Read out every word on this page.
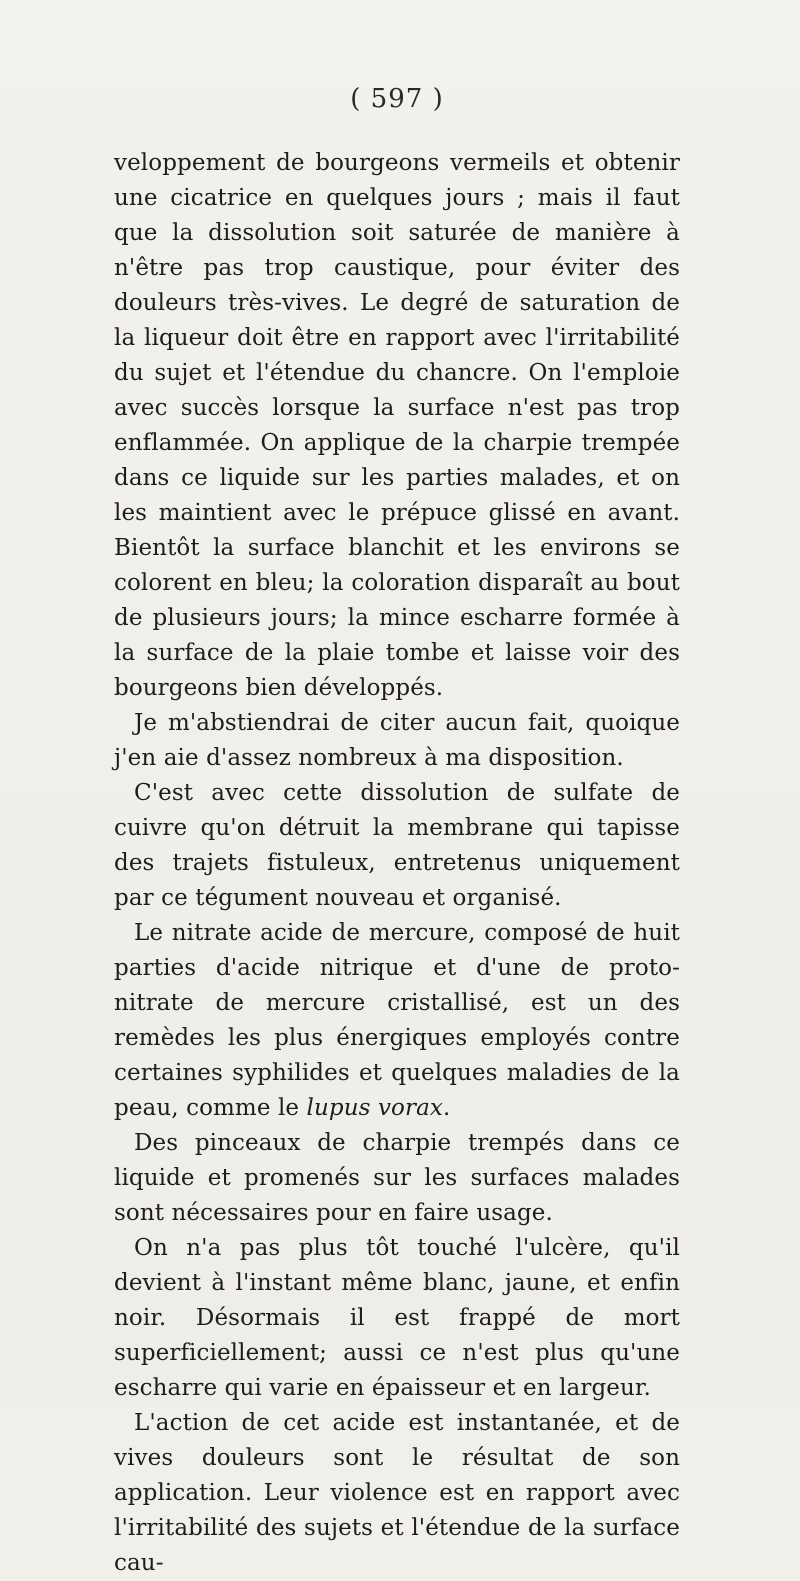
( 597 )

veloppement de bourgeons vermeils et obtenir une cicatrice en quelques jours ; mais il faut que la dissolution soit saturée de manière à n'être pas trop caustique, pour éviter des douleurs très-vives. Le degré de saturation de la liqueur doit être en rapport avec l'irritabilité du sujet et l'étendue du chancre. On l'emploie avec succès lorsque la surface n'est pas trop enflammée. On applique de la charpie trempée dans ce liquide sur les parties malades, et on les maintient avec le prépuce glissé en avant. Bientôt la surface blanchit et les environs se colorent en bleu; la coloration disparaît au bout de plusieurs jours; la mince escharre formée à la surface de la plaie tombe et laisse voir des bourgeons bien développés.

Je m'abstiendrai de citer aucun fait, quoique j'en aie d'assez nombreux à ma disposition.

C'est avec cette dissolution de sulfate de cuivre qu'on détruit la membrane qui tapisse des trajets fistuleux, entretenus uniquement par ce tégument nouveau et organisé.

Le nitrate acide de mercure, composé de huit parties d'acide nitrique et d'une de proto-nitrate de mercure cristallisé, est un des remèdes les plus énergiques employés contre certaines syphilides et quelques maladies de la peau, comme le lupus vorax.

Des pinceaux de charpie trempés dans ce liquide et promenés sur les surfaces malades sont nécessaires pour en faire usage.

On n'a pas plus tôt touché l'ulcère, qu'il devient à l'instant même blanc, jaune, et enfin noir. Désormais il est frappé de mort superficiellement; aussi ce n'est plus qu'une escharre qui varie en épaisseur et en largeur.

L'action de cet acide est instantanée, et de vives douleurs sont le résultat de son application. Leur violence est en rapport avec l'irritabilité des sujets et l'étendue de la surface cau-
